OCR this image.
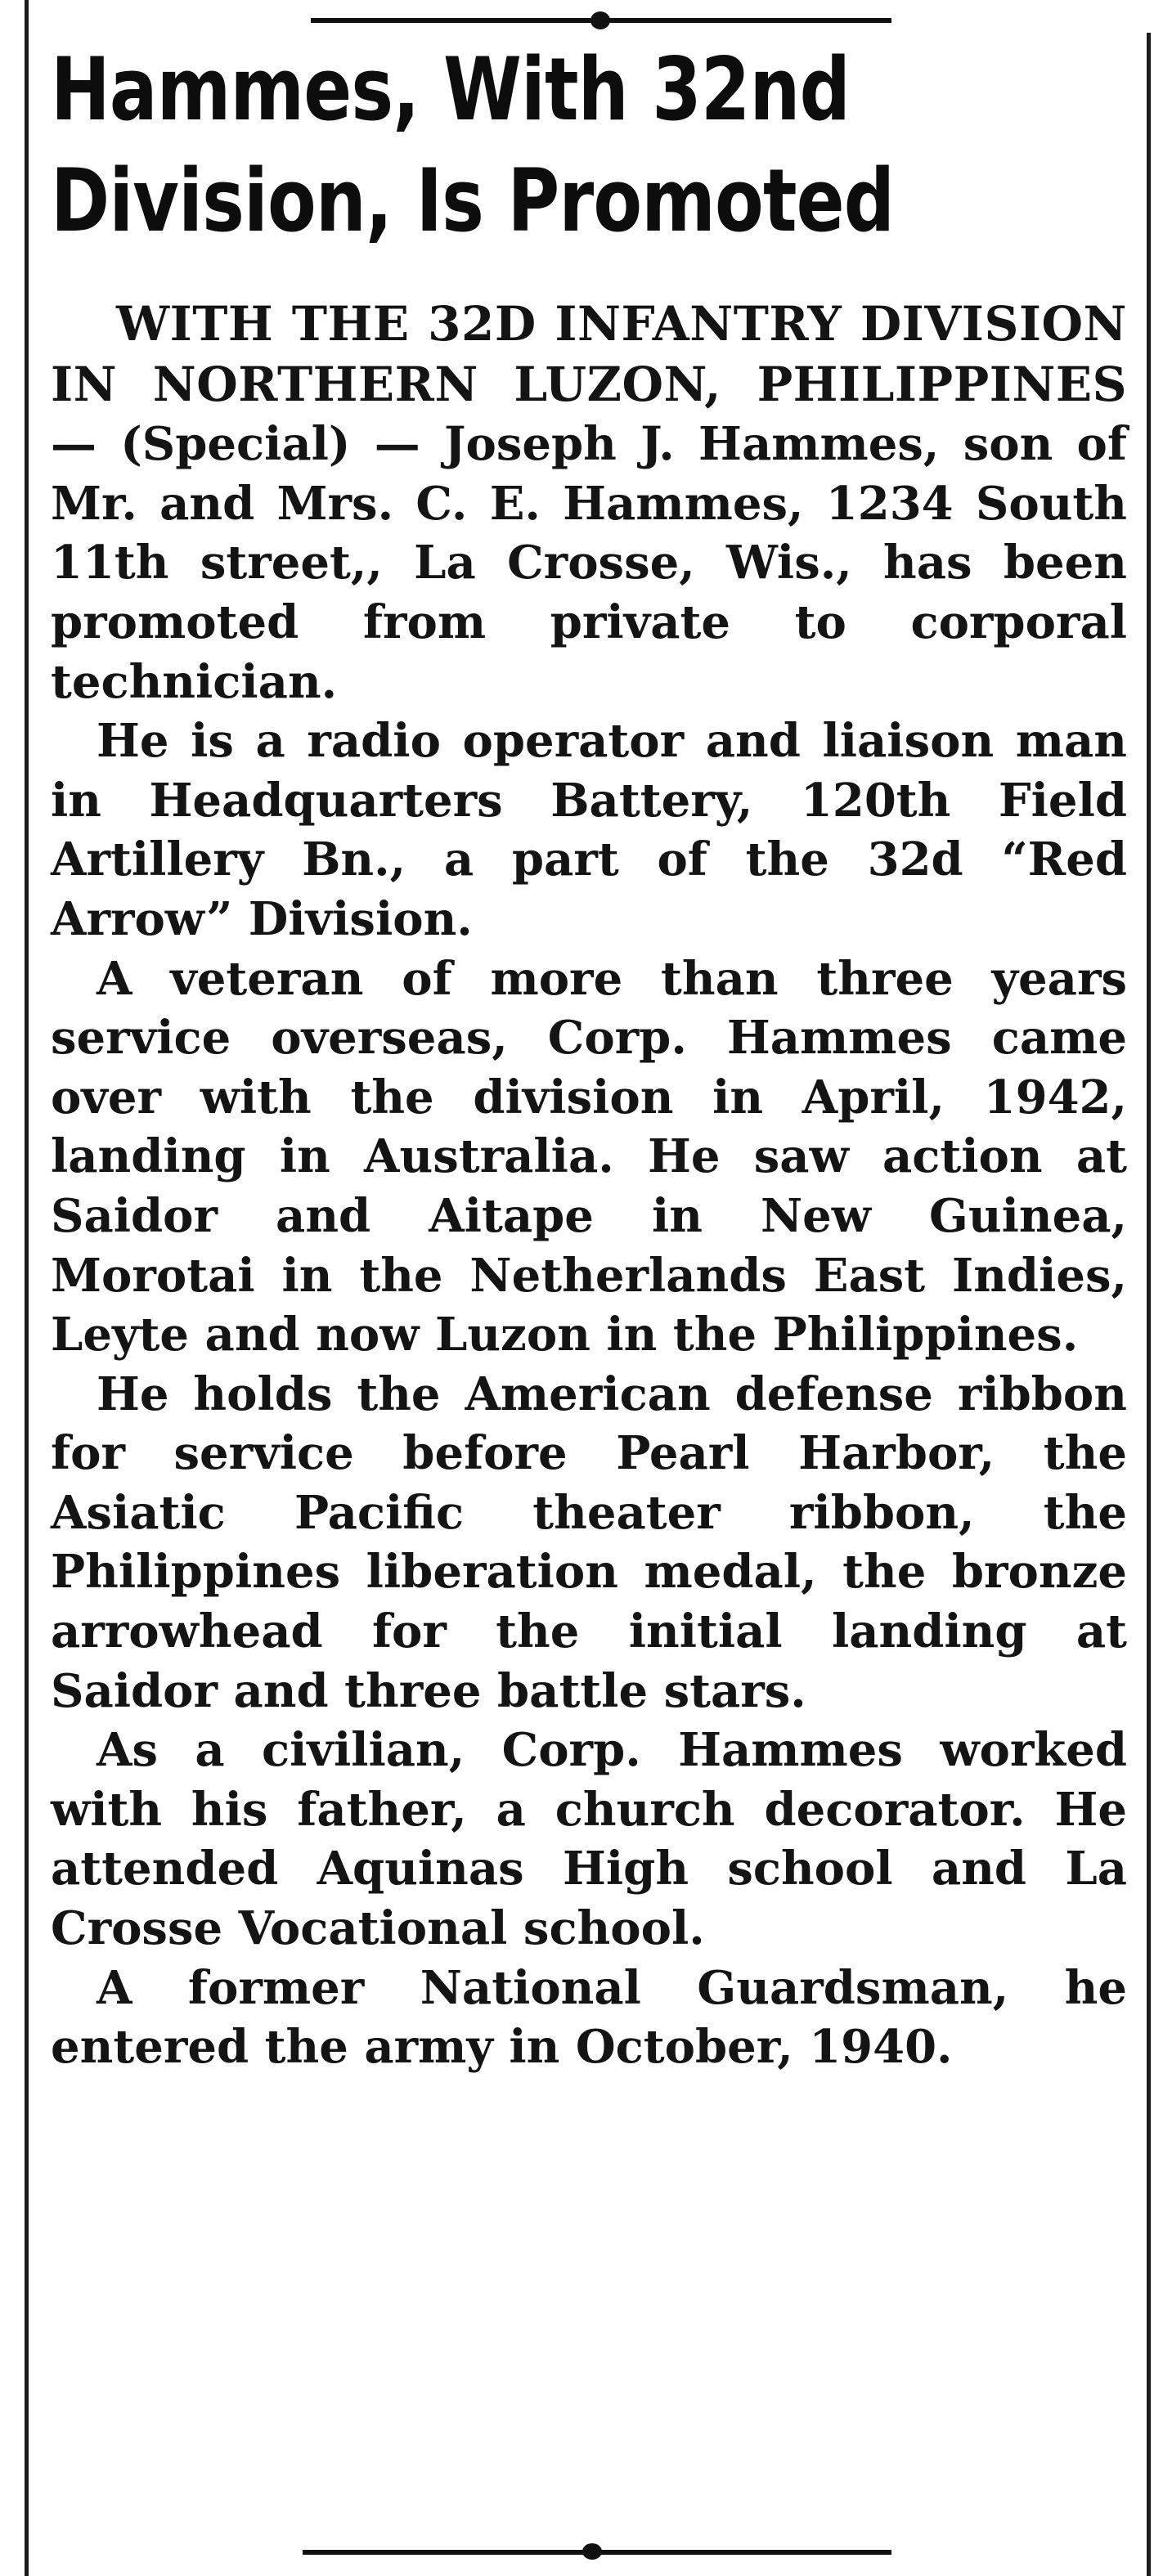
Hammes, With 32nd
Division, Is Promoted

WITH THE 32D INFANTRY DIVISION IN NORTHERN LUZON, PHILIPPINES — (Special) — Joseph J. Hammes, son of Mr. and Mrs. C. E. Hammes, 1234 South 11th street,, La Crosse, Wis., has been promoted from private to corporal technician.

He is a radio operator and liaison man in Headquarters Battery, 120th Field Artillery Bn., a part of the 32d “Red Arrow” Division.

A veteran of more than three years service overseas, Corp. Hammes came over with the division in April, 1942, landing in Australia. He saw action at Saidor and Aitape in New Guinea, Morotai in the Netherlands East Indies, Leyte and now Luzon in the Philippines.

He holds the American defense ribbon for service before Pearl Harbor, the Asiatic Pacific theater ribbon, the Philippines liberation medal, the bronze arrowhead for the initial landing at Saidor and three battle stars.

As a civilian, Corp. Hammes worked with his father, a church decorator. He attended Aquinas High school and La Crosse Vocational school.

A former National Guardsman, he entered the army in October, 1940.
